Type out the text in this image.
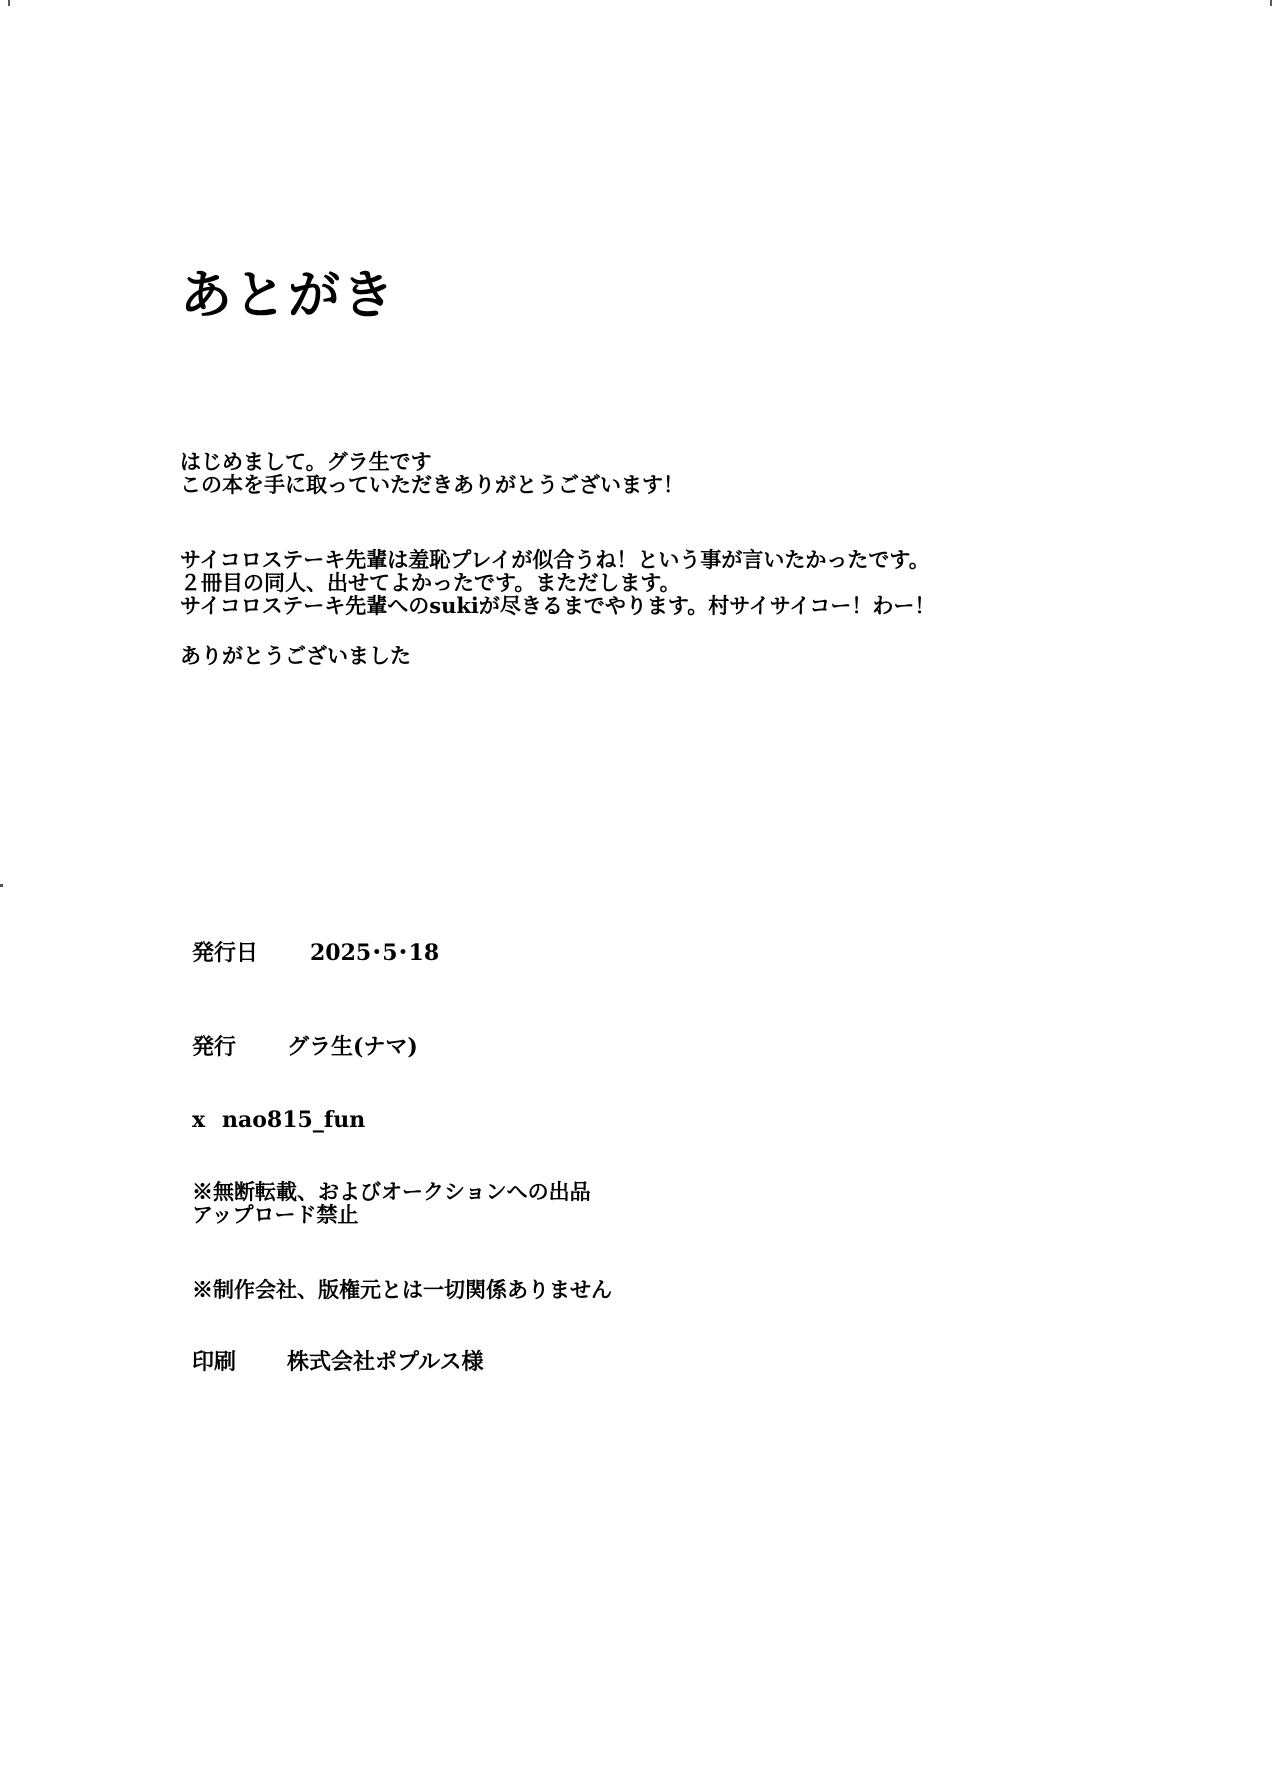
あとがき
はじめまして。グラ生です
この本を手に取っていただきありがとうございます！
サイコロステーキ先輩は羞恥プレイが似合うね！という事が言いたかったです。
２冊目の同人、出せてよかったです。まただします。
サイコロステーキ先輩へのsukiが尽きるまでやります。村サイサイコー！わー！
ありがとうございました
発行日 2025･5･18
発行 グラ生(ナマ)
x nao815_fun
※無断転載、およびオークションへの出品
アップロード禁止
※制作会社、版権元とは一切関係ありません
印刷 株式会社ポプルス様
